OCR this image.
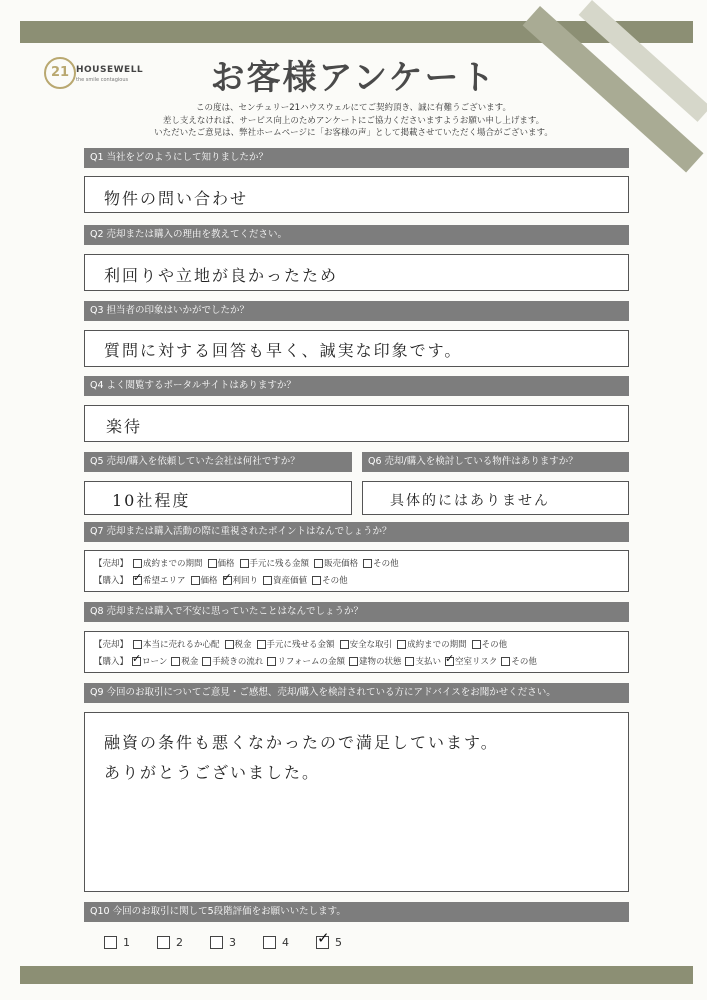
21 HOUSEWELL
the smile contagious	お客様アンケート
この度は、センチュリー21ハウスウェルにてご契約頂き、誠に有難うございます。
差し支えなければ、サービス向上のためアンケートにご協力くださいますようお願い申し上げます。
いただいたご意見は、弊社ホームページに「お客様の声」として掲載させていただく場合がございます。
Q1 当社をどのようにして知りましたか？
物件の問い合わせ
Q2 売却または購入の理由を教えてください。
利回りや立地が良かったため
Q3 担当者の印象はいかがでしたか？
質問に対する回答も早く、誠実な印象です。
Q4 よく閲覧するポータルサイトはありますか？
楽待
Q5 売却/購入を依頼していた会社は何社ですか？	Q6 売却/購入を検討している物件はありますか？
10社程度	具体的にはありません
Q7 売却または購入活動の際に重視されたポイントはなんでしょうか？
【売却】 成約までの期間 価格 手元に残る金額 販売価格 その他
【購入】 ✓ 希望エリア 価格 ✓ 利回り 資産価値 その他
Q8 売却または購入で不安に思っていたことはなんでしょうか？
【売却】 本当に売れるか心配 税金 手元に残せる金額 安全な取引 成約までの期間 その他
【購入】 ✓ ローン 税金 手続きの流れ リフォームの金額 建物の状態 支払い ✓ 空室リスク その他
Q9 今回のお取引についてご意見・ご感想、売却/購入を検討されている方にアドバイスをお聞かせください。
融資の条件も悪くなかったので満足しています。
ありがとうございました。
Q10 今回のお取引に関して5段階評価をお願いいたします。
1	2	3	4 ✓	5
